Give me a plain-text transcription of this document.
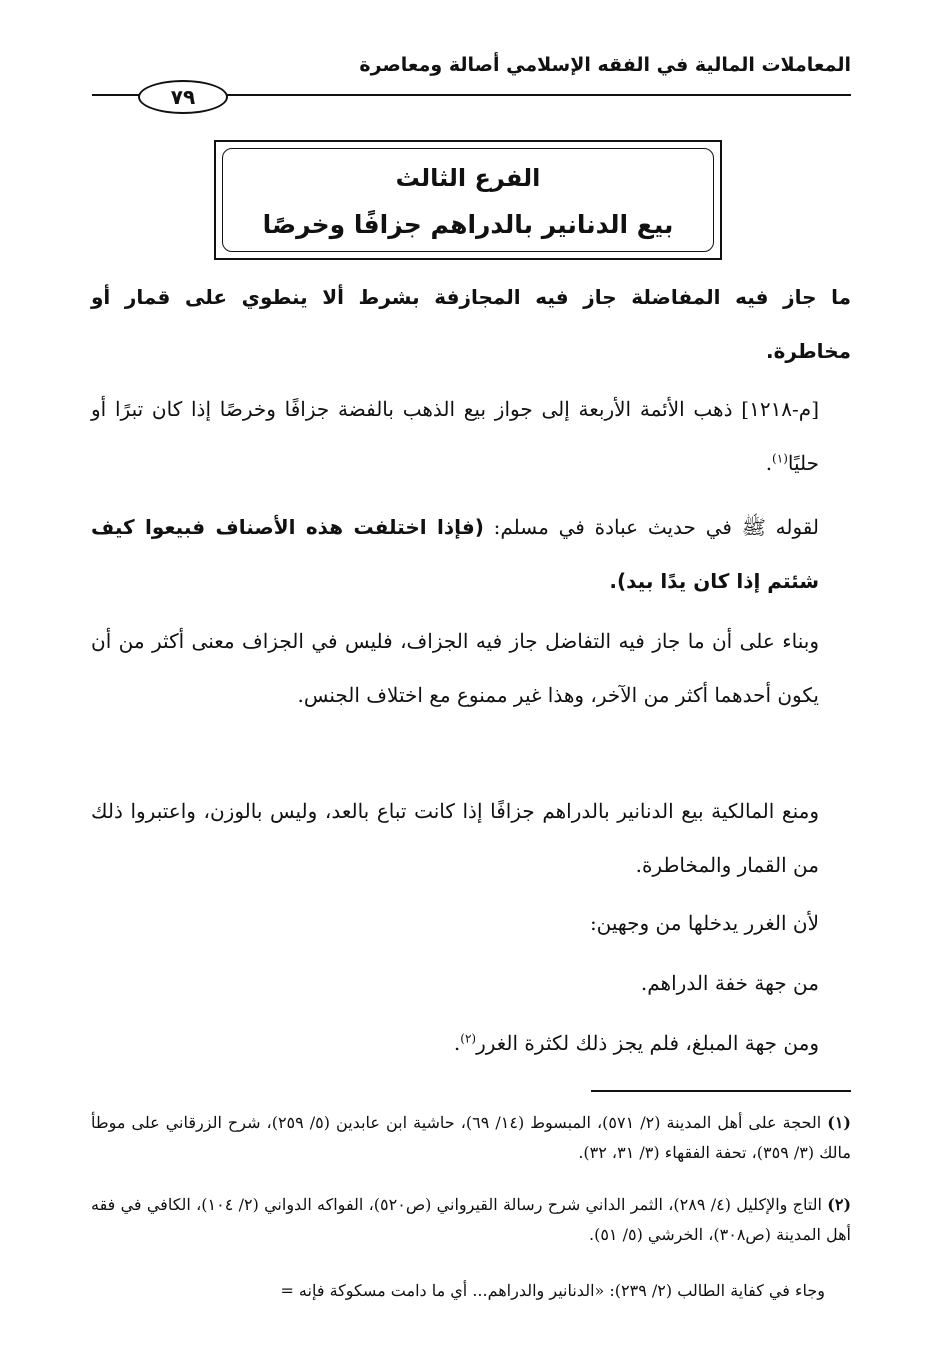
المعاملات المالية في الفقه الإسلامي أصالة ومعاصرة
٧٩
الفرع الثالث
بيع الدنانير بالدراهم جزافًا وخرصًا
ما جاز فيه المفاضلة جاز فيه المجازفة بشرط ألا ينطوي على قمار أو مخاطرة.
[م-١٢١٨] ذهب الأئمة الأربعة إلى جواز بيع الذهب بالفضة جزافًا وخرصًا إذا كان تبرًا أو حليًا$^{(١)}$.
لقوله ﷺ في حديث عبادة في مسلم: (فإذا اختلفت هذه الأصناف فبيعوا كيف شئتم إذا كان يدًا بيد).
وبناء على أن ما جاز فيه التفاضل جاز فيه الجزاف، فليس في الجزاف معنى أكثر من أن يكون أحدهما أكثر من الآخر، وهذا غير ممنوع مع اختلاف الجنس.
ومنع المالكية بيع الدنانير بالدراهم جزافًا إذا كانت تباع بالعد، وليس بالوزن، واعتبروا ذلك من القمار والمخاطرة.
لأن الغرر يدخلها من وجهين:
من جهة خفة الدراهم.
ومن جهة المبلغ، فلم يجز ذلك لكثرة الغرر$^{(٢)}$.
(١) الحجة على أهل المدينة (٢/ ٥٧١)، المبسوط (١٤/ ٦٩)، حاشية ابن عابدين (٥/ ٢٥٩)، شرح الزرقاني على موطأ مالك (٣/ ٣٥٩)، تحفة الفقهاء (٣/ ٣١، ٣٢).
(٢) التاج والإكليل (٤/ ٢٨٩)، الثمر الداني شرح رسالة القيرواني (ص٥٢٠)، الفواكه الدواني (٢/ ١٠٤)، الكافي في فقه أهل المدينة (ص٣٠٨)، الخرشي (٥/ ٥١).
وجاء في كفاية الطالب (٢/ ٢٣٩): «الدنانير والدراهم... أي ما دامت مسكوكة فإنه =
